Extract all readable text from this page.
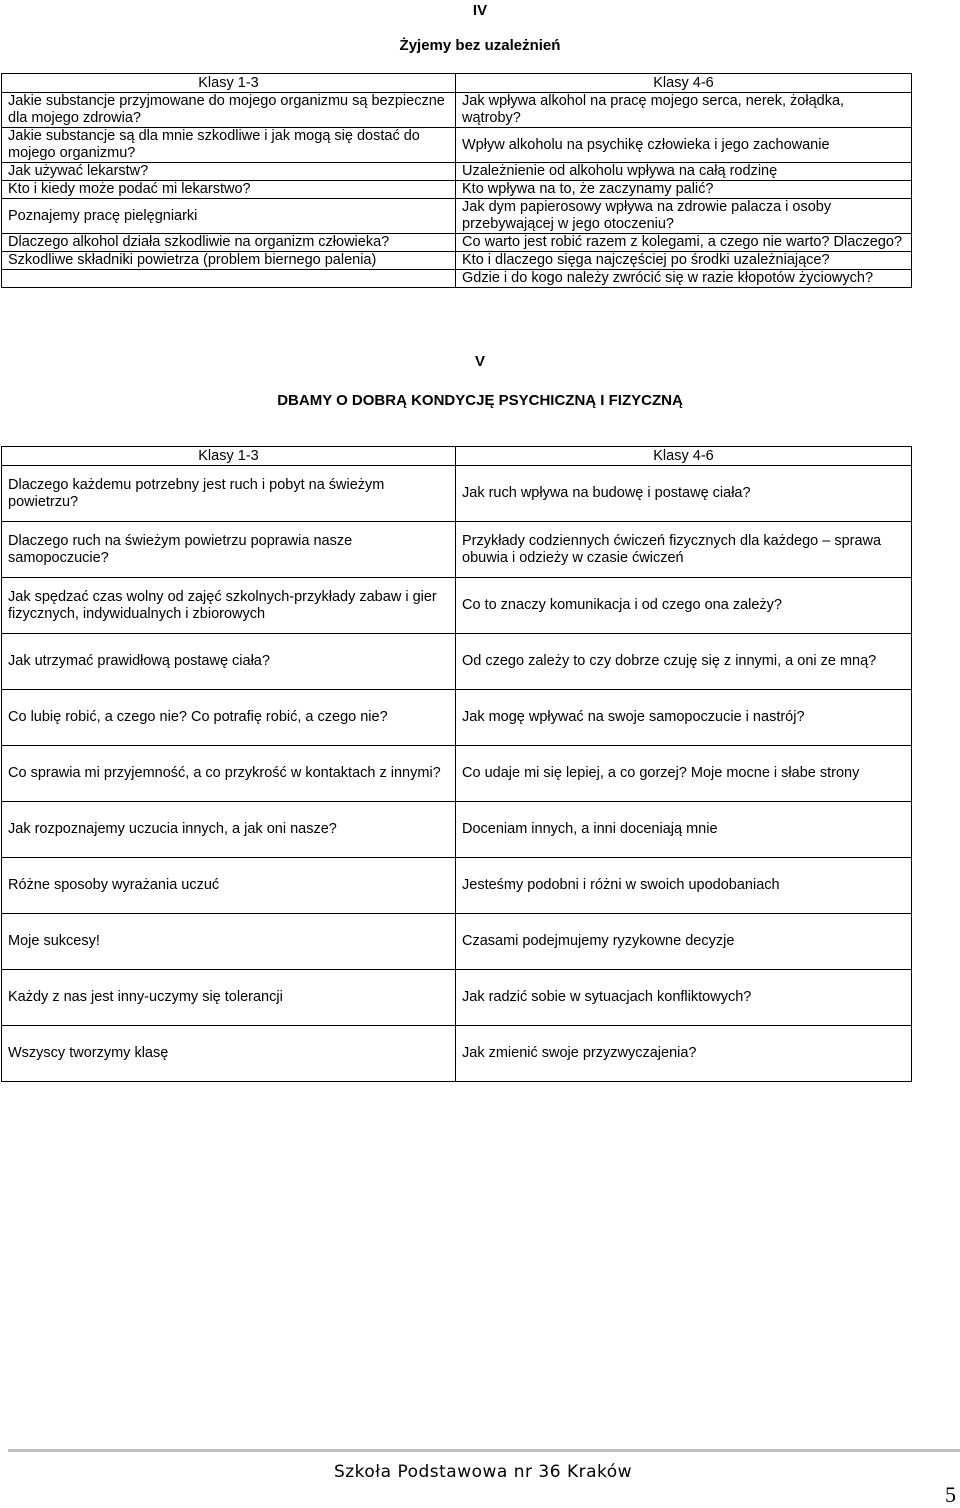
IV
Żyjemy bez uzależnień
Klasy 1-3	Klasy 4-6
Jakie substancje przyjmowane do mojego organizmu są bezpieczne dla mojego zdrowia?	Jak wpływa alkohol na pracę mojego serca, nerek, żołądka, wątroby?
Jakie substancje są dla mnie szkodliwe i jak mogą się dostać do mojego organizmu?	Wpływ alkoholu na psychikę człowieka i jego zachowanie
Jak używać lekarstw?	Uzależnienie od alkoholu wpływa na całą rodzinę
Kto i kiedy może podać mi lekarstwo?	Kto wpływa na to, że zaczynamy palić?
Poznajemy pracę pielęgniarki	Jak dym papierosowy wpływa na zdrowie palacza i osoby przebywającej w jego otoczeniu?
Dlaczego alkohol działa szkodliwie na organizm człowieka?	Co warto jest robić razem z kolegami, a czego nie warto? Dlaczego?
Szkodliwe składniki powietrza (problem biernego palenia)	Kto i dlaczego sięga najczęściej po środki uzależniające?
	Gdzie i do kogo należy zwrócić się w razie kłopotów życiowych?
V
DBAMY O DOBRĄ KONDYCJĘ PSYCHICZNĄ I FIZYCZNĄ
Klasy 1-3	Klasy 4-6
Dlaczego każdemu potrzebny jest ruch i pobyt na świeżym powietrzu?	Jak ruch wpływa na budowę i postawę ciała?
Dlaczego ruch na świeżym powietrzu poprawia nasze samopoczucie?	Przykłady codziennych ćwiczeń fizycznych dla każdego – sprawa obuwia i odzieży w czasie ćwiczeń
Jak spędzać czas wolny od zajęć szkolnych-przykłady zabaw i gier fizycznych, indywidualnych i zbiorowych	Co to znaczy komunikacja i od czego ona zależy?
Jak utrzymać prawidłową postawę ciała?	Od czego zależy to czy dobrze czuję się z innymi, a oni ze mną?
Co lubię robić, a czego nie? Co potrafię robić, a czego nie?	Jak mogę wpływać na swoje samopoczucie i nastrój?
Co sprawia mi przyjemność, a co przykrość w kontaktach z innymi?	Co udaje mi się lepiej, a co gorzej? Moje mocne i słabe strony
Jak rozpoznajemy uczucia innych, a jak oni nasze?	Doceniam innych, a inni doceniają mnie
Różne sposoby wyrażania uczuć	Jesteśmy podobni i różni w swoich upodobaniach
Moje sukcesy!	Czasami podejmujemy ryzykowne decyzje
Każdy z nas jest inny-uczymy się tolerancji	Jak radzić sobie w sytuacjach konfliktowych?
Wszyscy tworzymy klasę	Jak zmienić swoje przyzwyczajenia?
Szkoła Podstawowa nr 36 Kraków
5
